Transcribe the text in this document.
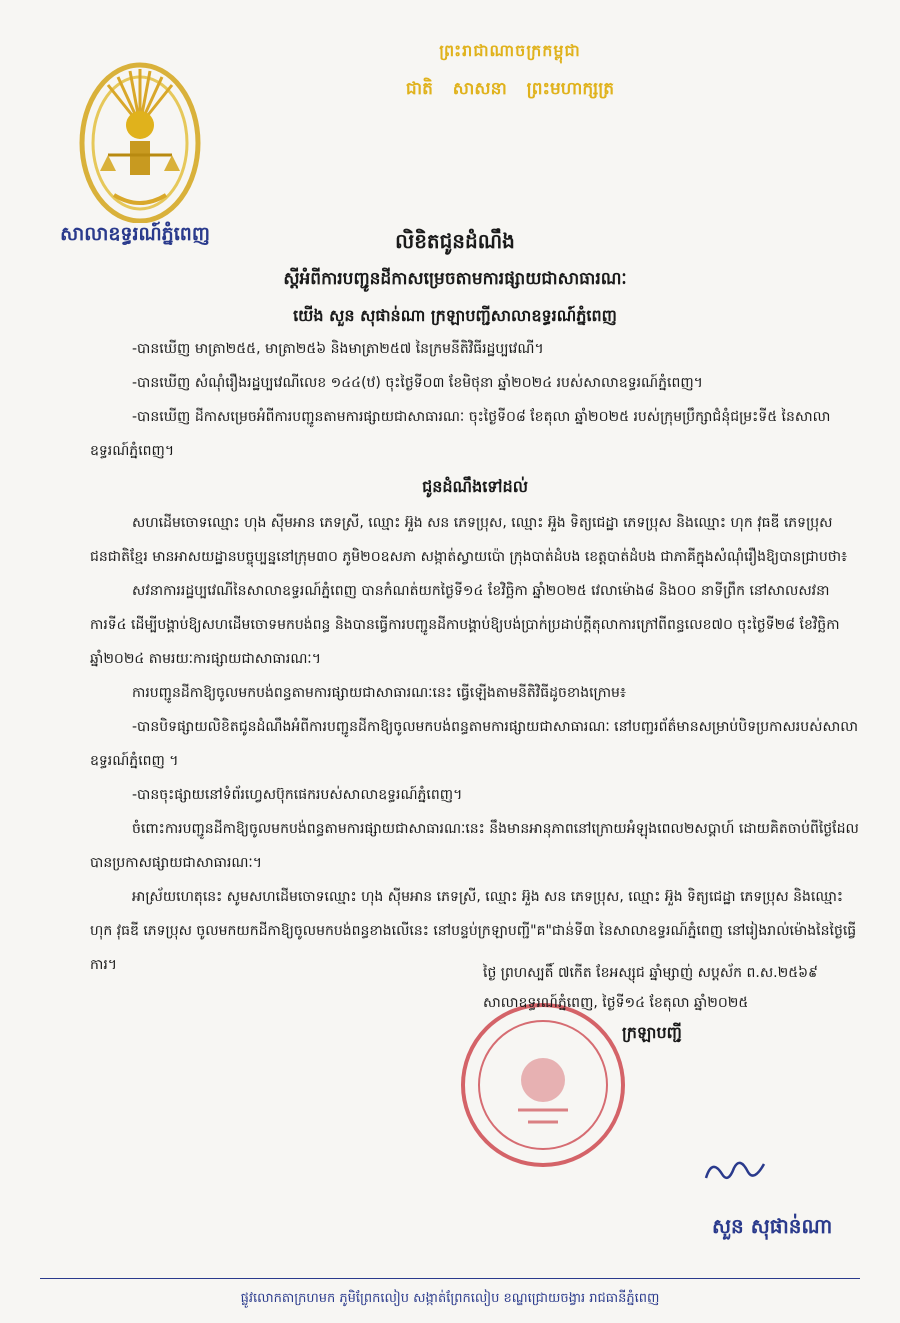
សាលាឧទ្ធរណ៍ភ្នំពេញ
ព្រះរាជាណាចក្រកម្ពុជា
ជាតិ សាសនា ព្រះមហាក្សត្រ
លិខិតជូនដំណឹង
ស្តីអំពីការបញ្ជូនដីកាសម្រេចតាមការផ្សាយជាសាធារណៈ
យើង សួន សុផាន់ណា ក្រឡាបញ្ជីសាលាឧទ្ធរណ៍ភ្នំពេញ

-បានឃើញ មាត្រា២៥៥, មាត្រា២៥៦ និងមាត្រា២៥៧ នៃក្រមនីតិវិធីរដ្ឋប្បវេណី។

-បានឃើញ សំណុំរឿងរដ្ឋប្បវេណីលេខ ១៤៤(ឋ) ចុះថ្ងៃទី០៣ ខែមិថុនា ឆ្នាំ២០២៤ របស់សាលាឧទ្ធរណ៍ភ្នំពេញ។

-បានឃើញ ដីកាសម្រេចអំពីការបញ្ជូនតាមការផ្សាយជាសាធារណៈ ចុះថ្ងៃទី០៨ ខែតុលា ឆ្នាំ២០២៥ របស់ក្រុមប្រឹក្សាជំនុំជម្រះទី៥ នៃសាលាឧទ្ធរណ៍ភ្នំពេញ។

ជូនដំណឹងទៅដល់

សហដើមចោទឈ្មោះ ហុង ស៊ីមអាន ភេទស្រី, ឈ្មោះ អ៊ួង សន ភេទប្រុស, ឈ្មោះ អ៊ួង ទិត្យជេដ្ឋា ភេទប្រុស និងឈ្មោះ ហុក វុធឌី ភេទប្រុស ជនជាតិខ្មែរ មានអាសយដ្ឋានបច្ចុប្បន្ននៅក្រុម៣០ ភូមិ២០ឧសភា សង្កាត់ស្វាយប៉ោ ក្រុងបាត់ដំបង ខេត្តបាត់ដំបង ជាភាគីក្នុងសំណុំរឿងឱ្យបានជ្រាបថា៖

សវនាការរដ្ឋប្បវេណីនៃសាលាឧទ្ធរណ៍ភ្នំពេញ បានកំណត់យកថ្ងៃទី១៤ ខែវិច្ឆិកា ឆ្នាំ២០២៥ វេលាម៉ោង៨ និង០០ នាទីព្រឹក នៅសាលសវនាការទី៤ ដើម្បីបង្គាប់ឱ្យសហដើមចោទមកបង់ពន្ធ និងបានធ្វើការបញ្ជូនដីកាបង្គាប់ឱ្យបង់ប្រាក់ប្រដាប់ក្តីតុលាការក្រៅពីពន្ធលេខ៧០ ចុះថ្ងៃទី២៨ ខែវិច្ឆិកា ឆ្នាំ២០២៤ តាមរយៈការផ្សាយជាសាធារណៈ។

ការបញ្ជូនដីកាឱ្យចូលមកបង់ពន្ធតាមការផ្សាយជាសាធារណៈនេះ ធ្វើឡើងតាមនីតិវិធីដូចខាងក្រោម៖

-បានបិទផ្សាយលិខិតជូនដំណឹងអំពីការបញ្ជូនដីកាឱ្យចូលមកបង់ពន្ធតាមការផ្សាយជាសាធារណៈ នៅបញ្ជរព័ត៌មានសម្រាប់បិទប្រកាសរបស់សាលាឧទ្ធរណ៍ភ្នំពេញ ។

-បានចុះផ្សាយនៅទំព័រហ្វេសប៊ុកផេករបស់សាលាឧទ្ធរណ៍ភ្នំពេញ។

ចំពោះការបញ្ជូនដីកាឱ្យចូលមកបង់ពន្ធតាមការផ្សាយជាសាធារណៈនេះ នឹងមានអានុភាពនៅក្រោយអំឡុងពេល២សប្តាហ៍ ដោយគិតចាប់ពីថ្ងៃដែលបានប្រកាសផ្សាយជាសាធារណៈ។

អាស្រ័យហេតុនេះ សូមសហដើមចោទឈ្មោះ ហុង ស៊ីមអាន ភេទស្រី, ឈ្មោះ អ៊ួង សន ភេទប្រុស, ឈ្មោះ អ៊ួង ទិត្យជេដ្ឋា ភេទប្រុស និងឈ្មោះ ហុក វុធឌី ភេទប្រុស ចូលមកយកដីកាឱ្យចូលមកបង់ពន្ធខាងលើនេះ នៅបន្ទប់ក្រឡាបញ្ជី"គ"ជាន់ទី៣ នៃសាលាឧទ្ធរណ៍ភ្នំពេញ នៅរៀងរាល់ម៉ោងនៃថ្ងៃធ្វើការ។	ថ្ងៃ ព្រហស្បតិ៍ ៧កើត ខែអស្សុជ ឆ្នាំម្សាញ់ សប្តស័ក ព.ស.២៥៦៩
សាលាឧទ្ធរណ៍ភ្នំពេញ, ថ្ងៃទី១៤ ខែតុលា ឆ្នាំ២០២៥
ក្រឡាបញ្ជី
សួន សុផាន់ណា
ផ្លូវលោកតាក្រហមក ភូមិព្រែកលៀប សង្កាត់ព្រែកលៀប ខណ្ឌជ្រោយចង្វារ រាជធានីភ្នំពេញ
